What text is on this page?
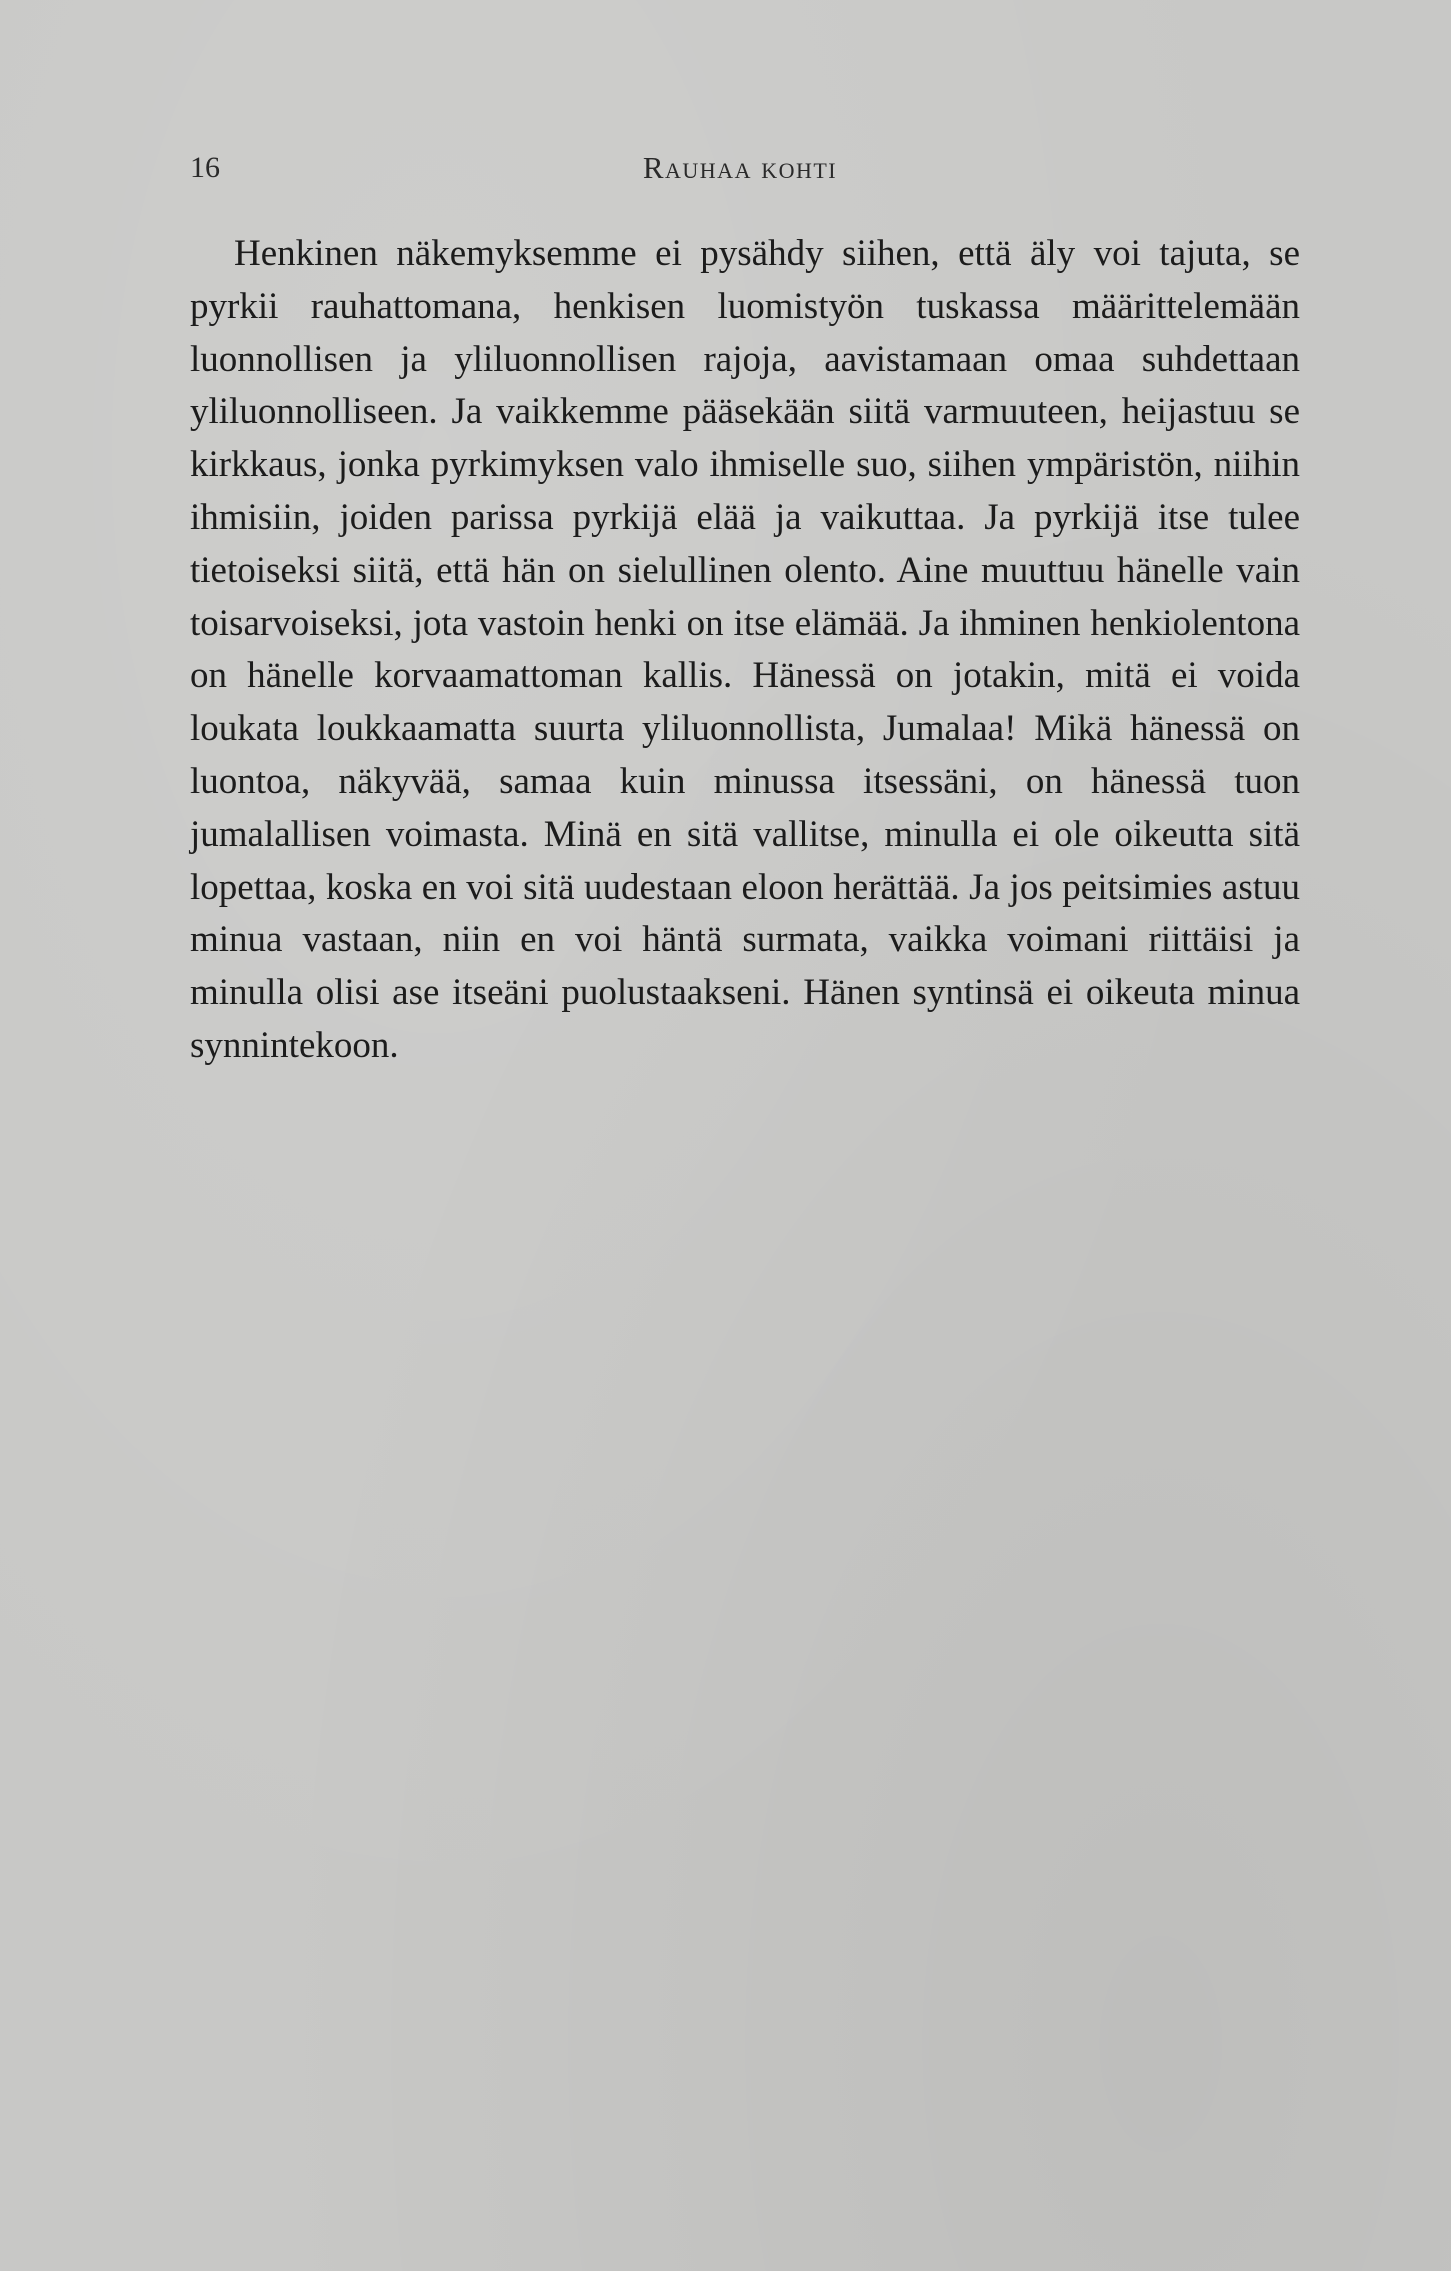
16	Rauhaa kohti

Henkinen näkemyksemme ei pysähdy siihen, että äly voi tajuta, se pyrkii rauhattomana, henkisen luomistyön tuskassa määrittelemään luonnollisen ja yliluonnollisen rajoja, aavistamaan omaa suhdettaan yliluonnolliseen. Ja vaikkemme pääsekään siitä varmuuteen, heijastuu se kirkkaus, jonka pyrkimyksen valo ihmiselle suo, siihen ympäristön, niihin ihmisiin, joiden parissa pyrkijä elää ja vaikuttaa. Ja pyrkijä itse tulee tietoiseksi siitä, että hän on sielullinen olento. Aine muuttuu hänelle vain toisarvoiseksi, jota vastoin henki on itse elämää. Ja ihminen henkiolentona on hänelle korvaamattoman kallis. Hänessä on jotakin, mitä ei voida loukata loukkaamatta suurta yliluonnollista, Jumalaa! Mikä hänessä on luontoa, näkyvää, samaa kuin minussa itsessäni, on hänessä tuon jumalallisen voimasta. Minä en sitä vallitse, minulla ei ole oikeutta sitä lopettaa, koska en voi sitä uudestaan eloon herättää. Ja jos peitsimies astuu minua vastaan, niin en voi häntä surmata, vaikka voimani riittäisi ja minulla olisi ase itseäni puolustaakseni. Hänen syntinsä ei oikeuta minua synnintekoon.
